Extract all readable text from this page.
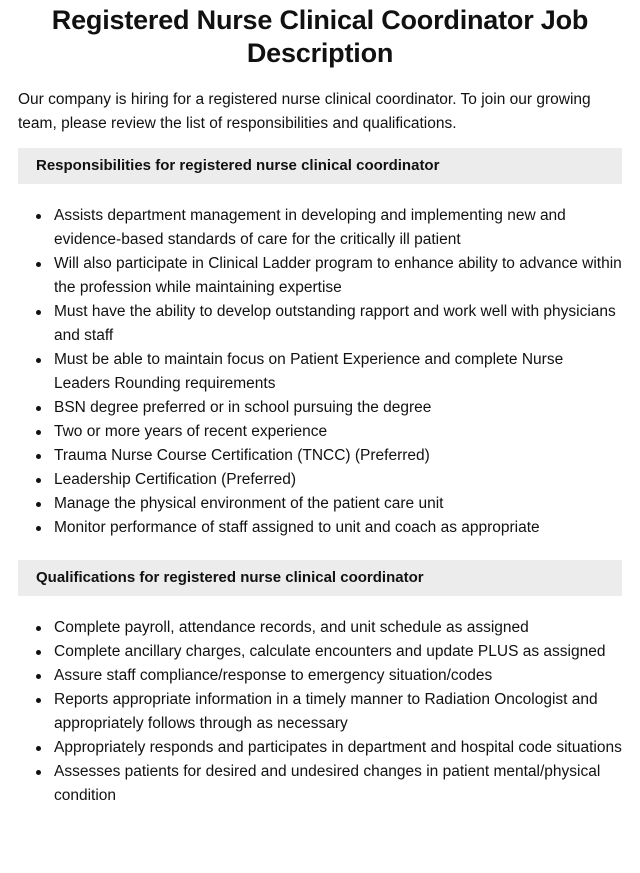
Registered Nurse Clinical Coordinator Job
Description

Our company is hiring for a registered nurse clinical coordinator. To join our growing team, please review the list of responsibilities and qualifications.

Responsibilities for registered nurse clinical coordinator
Assists department management in developing and implementing new and evidence-based standards of care for the critically ill patient
Will also participate in Clinical Ladder program to enhance ability to advance within the profession while maintaining expertise
Must have the ability to develop outstanding rapport and work well with physicians and staff
Must be able to maintain focus on Patient Experience and complete Nurse Leaders Rounding requirements
BSN degree preferred or in school pursuing the degree
Two or more years of recent experience
Trauma Nurse Course Certification (TNCC) (Preferred)
Leadership Certification (Preferred)
Manage the physical environment of the patient care unit
Monitor performance of staff assigned to unit and coach as appropriate
Qualifications for registered nurse clinical coordinator
Complete payroll, attendance records, and unit schedule as assigned
Complete ancillary charges, calculate encounters and update PLUS as assigned
Assure staff compliance/response to emergency situation/codes
Reports appropriate information in a timely manner to Radiation Oncologist and appropriately follows through as necessary
Appropriately responds and participates in department and hospital code situations
Assesses patients for desired and undesired changes in patient mental/physical condition
